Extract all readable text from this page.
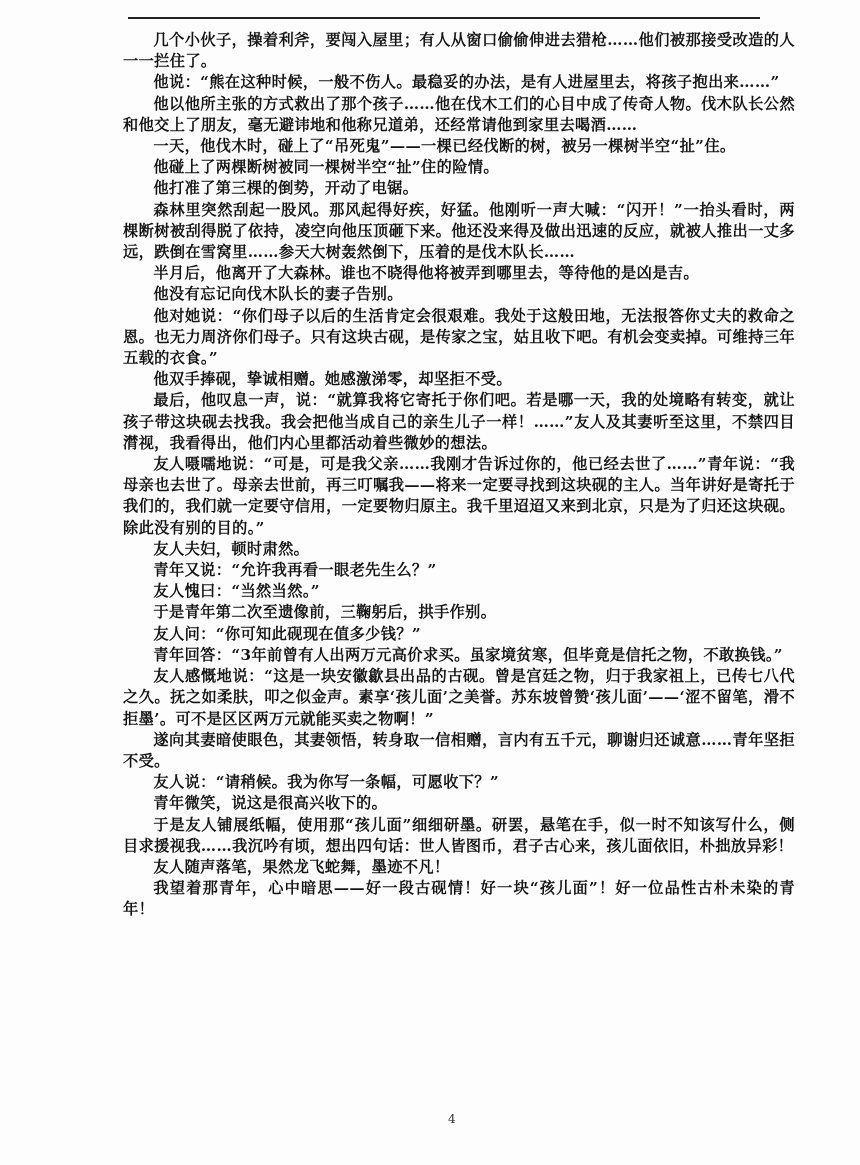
几个小伙子，操着利斧，要闯入屋里；有人从窗口偷偷伸进去猎枪……他们被那接受改造的人一一拦住了。

他说：“熊在这种时候，一般不伤人。最稳妥的办法，是有人进屋里去，将孩子抱出来……”

他以他所主张的方式救出了那个孩子……他在伐木工们的心目中成了传奇人物。伐木队长公然和他交上了朋友，毫无避讳地和他称兄道弟，还经常请他到家里去喝酒……

一天，他伐木时，碰上了“吊死鬼”——一棵已经伐断的树，被另一棵树半空“扯”住。

他碰上了两棵断树被同一棵树半空“扯”住的险情。

他打准了第三棵的倒势，开动了电锯。

森林里突然刮起一股风。那风起得好疾，好猛。他刚听一声大喊：“闪开！”一抬头看时，两棵断树被刮得脱了依持，凌空向他压顶砸下来。他还没来得及做出迅速的反应，就被人推出一丈多远，跌倒在雪窝里……参天大树轰然倒下，压着的是伐木队长……

半月后，他离开了大森林。谁也不晓得他将被弄到哪里去，等待他的是凶是吉。

他没有忘记向伐木队长的妻子告别。

他对她说：“你们母子以后的生活肯定会很艰难。我处于这般田地，无法报答你丈夫的救命之恩。也无力周济你们母子。只有这块古砚，是传家之宝，姑且收下吧。有机会变卖掉。可维持三年五载的衣食。”

他双手捧砚，挚诚相赠。她感激涕零，却坚拒不受。

最后，他叹息一声，说：“就算我将它寄托于你们吧。若是哪一天，我的处境略有转变，就让孩子带这块砚去找我。我会把他当成自己的亲生儿子一样！……”友人及其妻听至这里，不禁四目潸视，我看得出，他们内心里都活动着些微妙的想法。

友人嗫嚅地说：“可是，可是我父亲……我刚才告诉过你的，他已经去世了……”青年说：“我母亲也去世了。母亲去世前，再三叮嘱我——将来一定要寻找到这块砚的主人。当年讲好是寄托于我们的，我们就一定要守信用，一定要物归原主。我千里迢迢又来到北京，只是为了归还这块砚。除此没有别的目的。”

友人夫妇，顿时肃然。

青年又说：“允许我再看一眼老先生么？”

友人愧曰：“当然当然。”

于是青年第二次至遗像前，三鞠躬后，拱手作别。

友人问：“你可知此砚现在值多少钱？”

青年回答：“3年前曾有人出两万元高价求买。虽家境贫寒，但毕竟是信托之物，不敢换钱。”

友人感慨地说：“这是一块安徽歙县出品的古砚。曾是宫廷之物，归于我家祖上，已传七八代之久。抚之如柔肤，叩之似金声。素享‘孩儿面’之美誉。苏东坡曾赞‘孩儿面’——‘涩不留笔，滑不拒墨’。可不是区区两万元就能买卖之物啊！”

遂向其妻暗使眼色，其妻领悟，转身取一信相赠，言内有五千元，聊谢归还诚意……青年坚拒不受。

友人说：“请稍候。我为你写一条幅，可愿收下？”

青年微笑，说这是很高兴收下的。

于是友人铺展纸幅，使用那“孩儿面”细细研墨。研罢，悬笔在手，似一时不知该写什么，侧目求援视我……我沉吟有顷，想出四句话：世人皆图币，君子古心来，孩儿面依旧，朴拙放异彩！

友人随声落笔，果然龙飞蛇舞，墨迹不凡！

我望着那青年，心中暗思——好一段古砚情！好一块“孩儿面”！好一位品性古朴未染的青年！

4
